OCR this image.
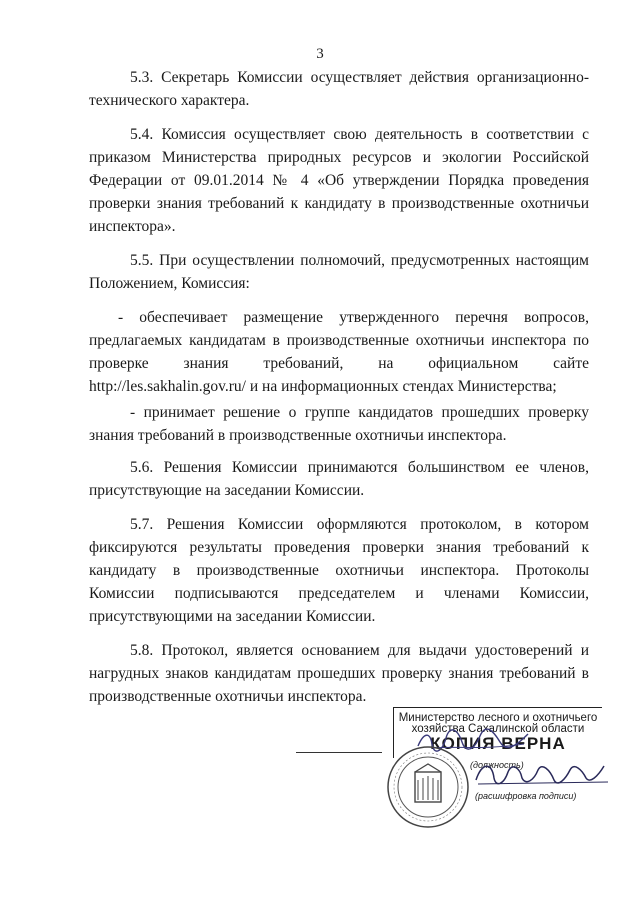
3

5.3. Секретарь Комиссии осуществляет действия организационно-технического характера.

5.4. Комиссия осуществляет свою деятельность в соответствии с приказом Министерства природных ресурсов и экологии Российской Федерации от 09.01.2014 № 4 «Об утверждении Порядка проведения проверки знания требований к кандидату в производственные охотничьи инспектора».

5.5. При осуществлении полномочий, предусмотренных настоящим Положением, Комиссия:

- обеспечивает размещение утвержденного перечня вопросов, предлагаемых кандидатам в производственные охотничьи инспектора по проверке знания требований, на официальном сайте http://les.sakhalin.gov.ru/ и на информационных стендах Министерства;

- принимает решение о группе кандидатов прошедших проверку знания требований в производственные охотничьи инспектора.

5.6. Решения Комиссии принимаются большинством ее членов, присутствующие на заседании Комиссии.

5.7. Решения Комиссии оформляются протоколом, в котором фиксируются результаты проведения проверки знания требований к кандидату в производственные охотничьи инспектора. Протоколы Комиссии подписываются председателем и членами Комиссии, присутствующими на заседании Комиссии.

5.8. Протокол, является основанием для выдачи удостоверений и нагрудных знаков кандидатам прошедших проверку знания требований в производственные охотничьи инспектора.

Министерство лесного и охотничьего
хозяйства Сахалинской области
КОПИЯ ВЕРНА
(должность)
(расшифровка подписи)
